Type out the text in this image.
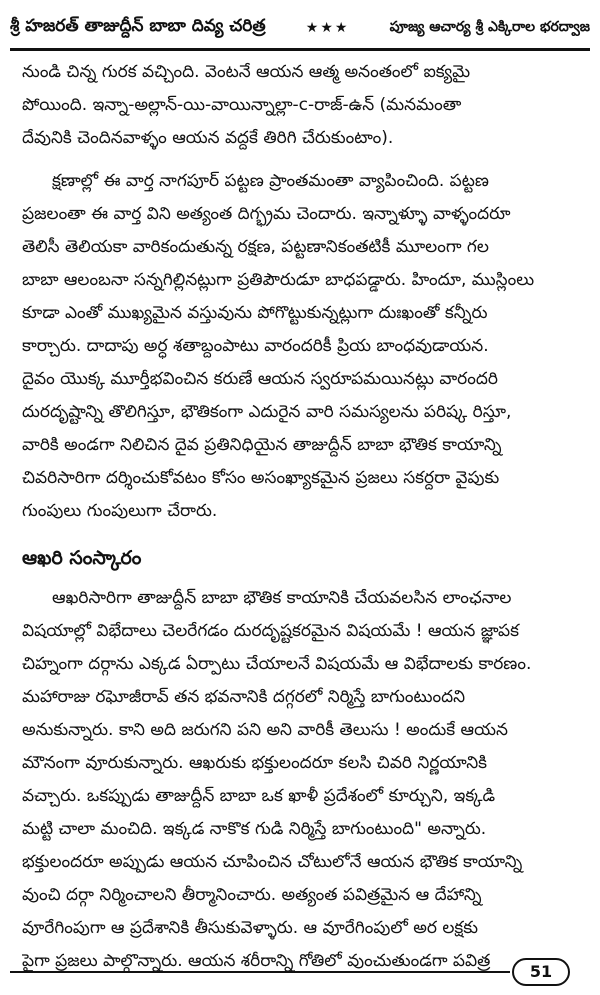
శ్రీ హజరత్ తాజుద్దీన్ బాబా దివ్య చరిత్ర	★★★	పూజ్య ఆచార్య శ్రీ ఎక్కిరాల భరద్వాజ
నుండి చిన్న గురక వచ్చింది. వెంటనే ఆయన ఆత్మ అనంతంలో ఐక్యమై
పోయింది. ఇన్నా-అల్లాన్-యి-వాయిన్నాల్లా-c-రాజ్-ఉన్ (మనమంతా
దేవునికి చెందినవాళ్ళం ఆయన వద్దకే తిరిగి చేరుకుంటాం).
క్షణాల్లో ఈ వార్త నాగపూర్ పట్టణ ప్రాంతమంతా వ్యాపించింది. పట్టణ
ప్రజలంతా ఈ వార్త విని అత్యంత దిగ్భ్రమ చెందారు. ఇన్నాళ్ళూ వాళ్ళందరూ
తెలిసీ తెలియకా వారికందుతున్న రక్షణ, పట్టణానికంతటికీ మూలంగా గల
బాబా ఆలంబనా సన్నగిల్లినట్లుగా ప్రతిపౌరుడూ బాధపడ్డారు. హిందూ, ముస్లింలు
కూడా ఎంతో ముఖ్యమైన వస్తువును పోగొట్టుకున్నట్లుగా దుఃఖంతో కన్నీరు
కార్చారు. దాదాపు అర్ధ శతాబ్దంపాటు వారందరికీ ప్రియ బాంధవుడాయన.
దైవం యొక్క మూర్తీభవించిన కరుణే ఆయన స్వరూపమయినట్లు వారందరి
దురదృష్టాన్ని తొలిగిస్తూ, భౌతికంగా ఎదురైన వారి సమస్యలను పరిష్క రిస్తూ,
వారికి అండగా నిలిచిన దైవ ప్రతినిధియైన తాజుద్దీన్ బాబా భౌతిక కాయాన్ని
చివరిసారిగా దర్శించుకోవటం కోసం అసంఖ్యాకమైన ప్రజలు సకర్దరా వైపుకు
గుంపులు గుంపులుగా చేరారు.
ఆఖరి సంస్కారం
ఆఖరిసారిగా తాజుద్దీన్ బాబా భౌతిక కాయానికి చేయవలసిన లాంఛనాల
విషయాల్లో విభేదాలు చెలరేగడం దురదృష్టకరమైన విషయమే ! ఆయన జ్ఞాపక
చిహ్నంగా దర్గాను ఎక్కడ ఏర్పాటు చేయాలనే విషయమే ఆ విభేదాలకు కారణం.
మహారాజు రఘోజీరావ్ తన భవనానికి దగ్గరలో నిర్మిస్తే బాగుంటుందని
అనుకున్నారు. కాని అది జరుగని పని అని వారికీ తెలుసు ! అందుకే ఆయన
మౌనంగా వూరుకున్నారు. ఆఖరుకు భక్తులందరూ కలసి చివరి నిర్ణయానికి
వచ్చారు. ఒకప్పుడు తాజుద్దీన్ బాబా ఒక ఖాళీ ప్రదేశంలో కూర్చుని, ఇక్కడి
మట్టి చాలా మంచిది. ఇక్కడ నాకొక గుడి నిర్మిస్తే బాగుంటుంది" అన్నారు.
భక్తులందరూ అప్పుడు ఆయన చూపించిన చోటులోనే ఆయన భౌతిక కాయాన్ని
వుంచి దర్గా నిర్మించాలని తీర్మానించారు. అత్యంత పవిత్రమైన ఆ దేహాన్ని
వూరేగింపుగా ఆ ప్రదేశానికి తీసుకువెళ్ళారు. ఆ వూరేగింపులో అర లక్షకు
పైగా ప్రజలు పాల్గొన్నారు. ఆయన శరీరాన్ని గోతిలో వుంచుతుండగా పవిత్ర
51
